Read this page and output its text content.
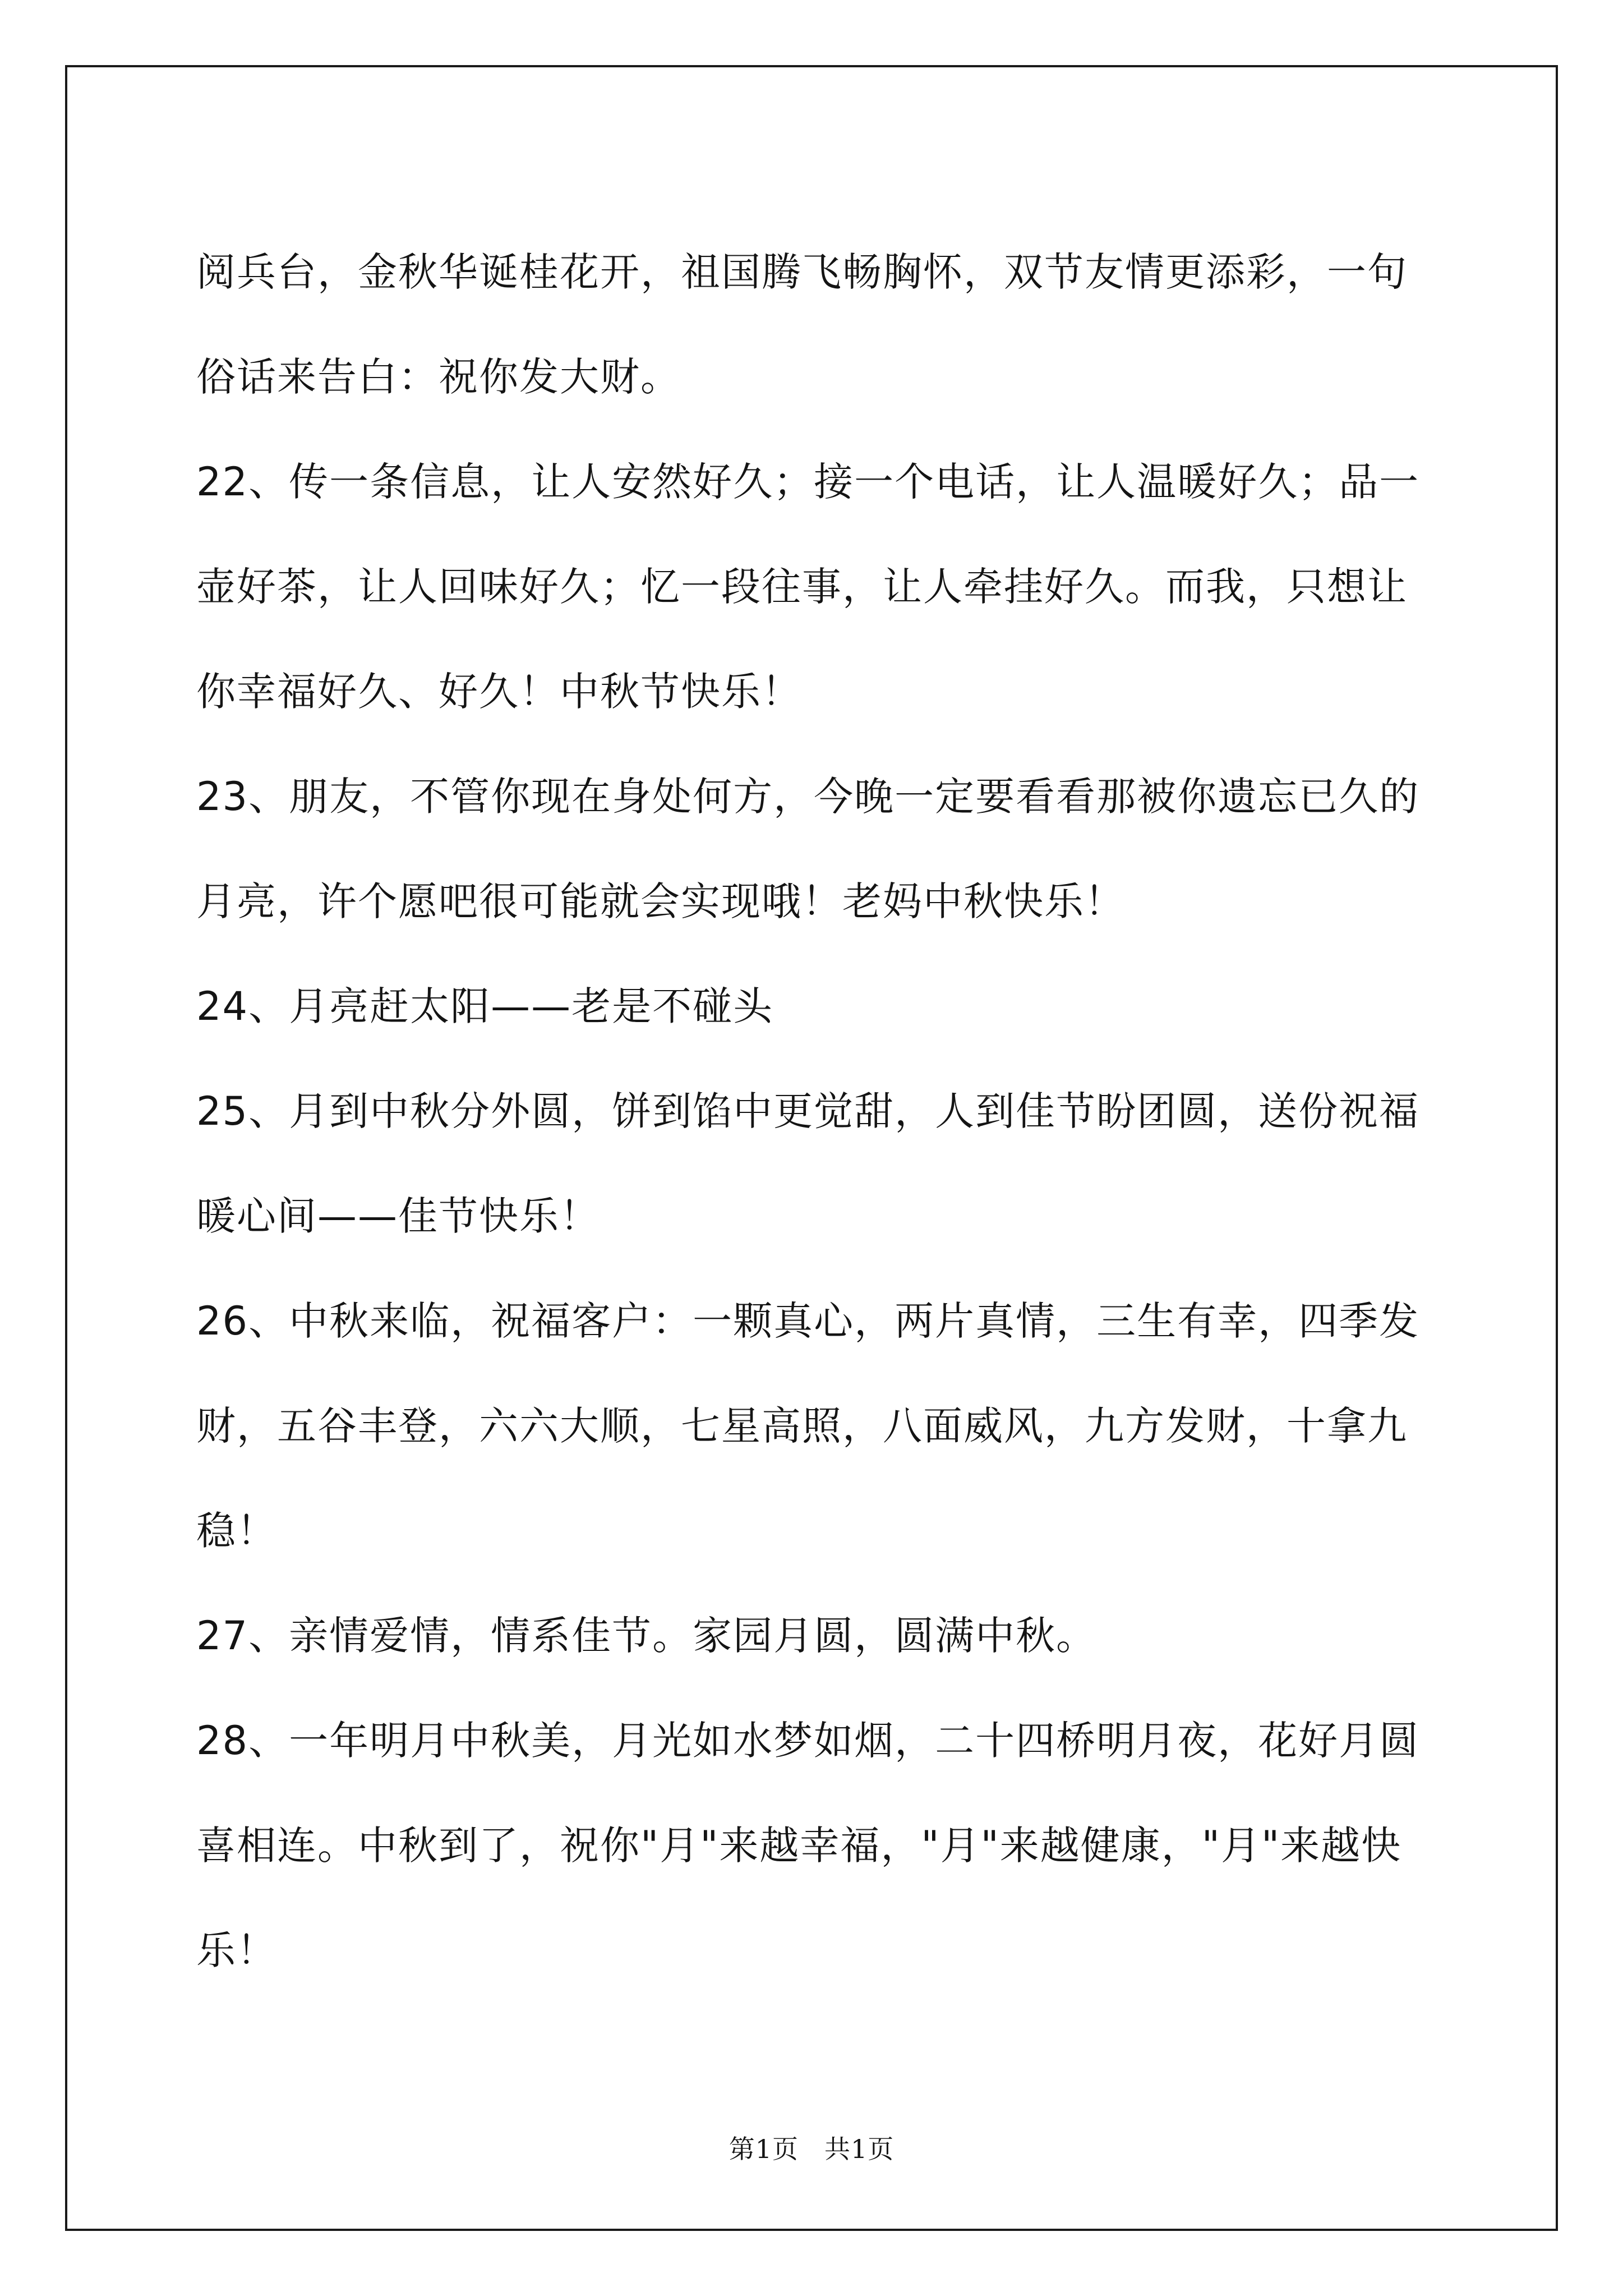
阅兵台，金秋华诞桂花开，祖国腾飞畅胸怀，双节友情更添彩，一句
俗话来告白：祝你发大财。
22、传一条信息，让人安然好久；接一个电话，让人温暖好久；品一
壶好茶，让人回味好久；忆一段往事，让人牵挂好久。而我，只想让
你幸福好久、好久！中秋节快乐！
23、朋友，不管你现在身处何方，今晚一定要看看那被你遗忘已久的
月亮，许个愿吧很可能就会实现哦！老妈中秋快乐！
24、月亮赶太阳——老是不碰头
25、月到中秋分外圆，饼到馅中更觉甜，人到佳节盼团圆，送份祝福
暖心间——佳节快乐！
26、中秋来临，祝福客户：一颗真心，两片真情，三生有幸，四季发
财，五谷丰登，六六大顺，七星高照，八面威风，九方发财，十拿九
稳！
27、亲情爱情，情系佳节。家园月圆，圆满中秋。
28、一年明月中秋美，月光如水梦如烟，二十四桥明月夜，花好月圆
喜相连。中秋到了，祝你"月"来越幸福，"月"来越健康，"月"来越快
乐！
第1页 共1页
